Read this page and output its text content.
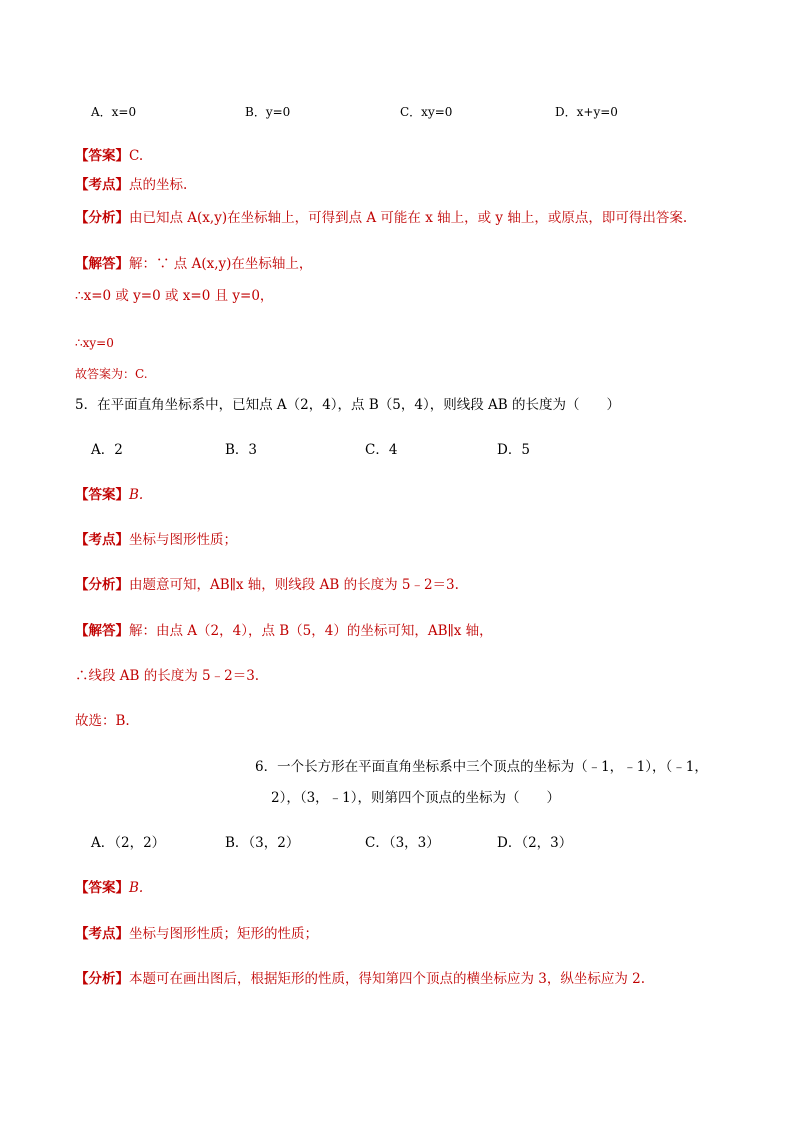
A．x=0	B．y=0	C．xy=0	D．x+y=0
【答案】C.
【考点】点的坐标.
【分析】由已知点 A(x,y)在坐标轴上，可得到点 A 可能在 x 轴上，或 y 轴上，或原点，即可得出答案.
【解答】解：∵ 点 A(x,y)在坐标轴上，
∴x=0 或 y=0 或 x=0 且 y=0，
∴xy=0
故答案为：C.
5．在平面直角坐标系中，已知点 A（2，4），点 B（5，4），则线段 AB 的长度为（　　）
A．2	B．3	C．4	D．5
【答案】B.
【考点】坐标与图形性质；
【分析】由题意可知，AB∥x 轴，则线段 AB 的长度为 5﹣2＝3.
【解答】解：由点 A（2，4），点 B（5，4）的坐标可知，AB∥x 轴，
∴线段 AB 的长度为 5﹣2＝3.
故选：B.
6．一个长方形在平面直角坐标系中三个顶点的坐标为（﹣1，﹣1），（﹣1，
2），（3，﹣1），则第四个顶点的坐标为（　　）
A．（2，2）	B．（3，2）	C．（3，3）	D．（2，3）
【答案】B.
【考点】坐标与图形性质；矩形的性质；
【分析】本题可在画出图后，根据矩形的性质，得知第四个顶点的横坐标应为 3，纵坐标应为 2.
